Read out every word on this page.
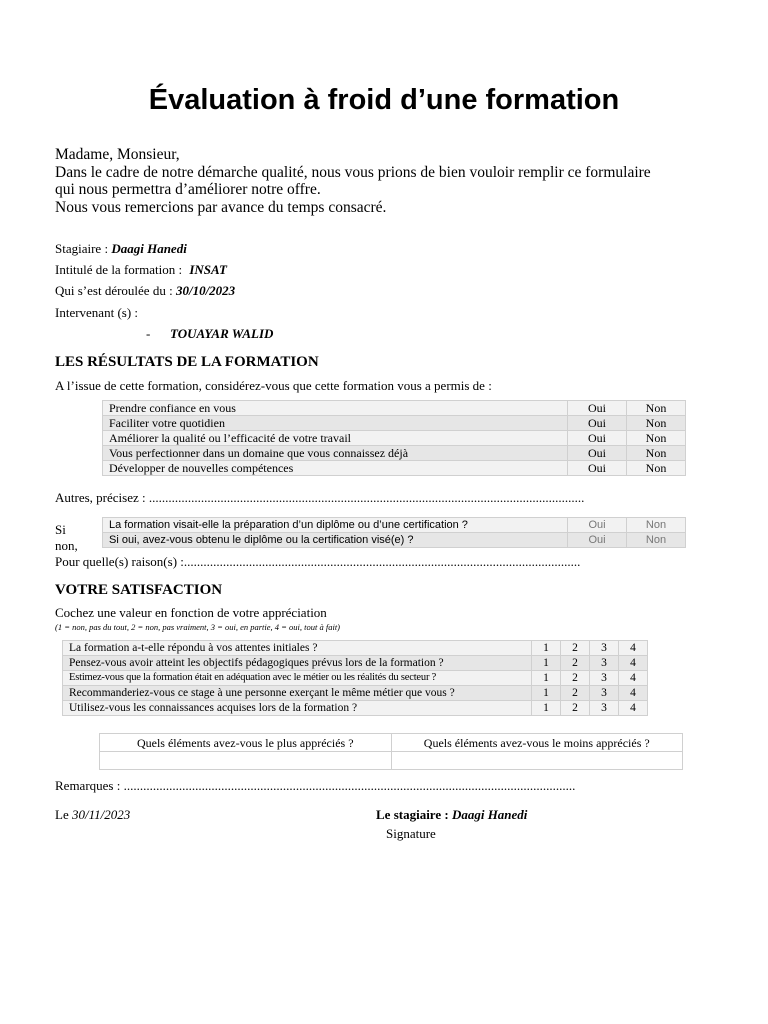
Évaluation à froid d’une formation
Madame, Monsieur,
Dans le cadre de notre démarche qualité, nous vous prions de bien vouloir remplir ce formulaire
qui nous permettra d’améliorer notre offre.
Nous vous remercions par avance du temps consacré.
Stagiaire : Daagi Hanedi
Intitulé de la formation : INSAT
Qui s’est déroulée du : 30/10/2023
Intervenant (s) :
- TOUAYAR WALID
LES RÉSULTATS DE LA FORMATION
A l’issue de cette formation, considérez-vous que cette formation vous a permis de :
Prendre confiance en vous	Oui	Non
Faciliter votre quotidien	Oui	Non
Améliorer la qualité ou l’efficacité de votre travail	Oui	Non
Vous perfectionner dans un domaine que vous connaissez déjà	Oui	Non
Développer de nouvelles compétences	Oui	Non
Autres, précisez : ......................................................................................................................................
Si
non,
La formation visait-elle la préparation d’un diplôme ou d’une certification ?	Oui	Non
Si oui, avez-vous obtenu le diplôme ou la certification visé(e) ?	Oui	Non
Pour quelle(s) raison(s) :..........................................................................................................................
VOTRE SATISFACTION
Cochez une valeur en fonction de votre appréciation
(1 = non, pas du tout, 2 = non, pas vraiment, 3 = oui, en partie, 4 = oui, tout à fait)
La formation a-t-elle répondu à vos attentes initiales ?	1	2	3	4
Pensez-vous avoir atteint les objectifs pédagogiques prévus lors de la formation ?	1	2	3	4
Estimez-vous que la formation était en adéquation avec le métier ou les réalités du secteur ?	1	2	3	4
Recommanderiez-vous ce stage à une personne exerçant le même métier que vous ?	1	2	3	4
Utilisez-vous les connaissances acquises lors de la formation ?	1	2	3	4
Quels éléments avez-vous le plus appréciés ?	Quels éléments avez-vous le moins appréciés ?

Remarques : ...........................................................................................................................................
Le 30/11/2023	Le stagiaire : Daagi Hanedi
Signature
